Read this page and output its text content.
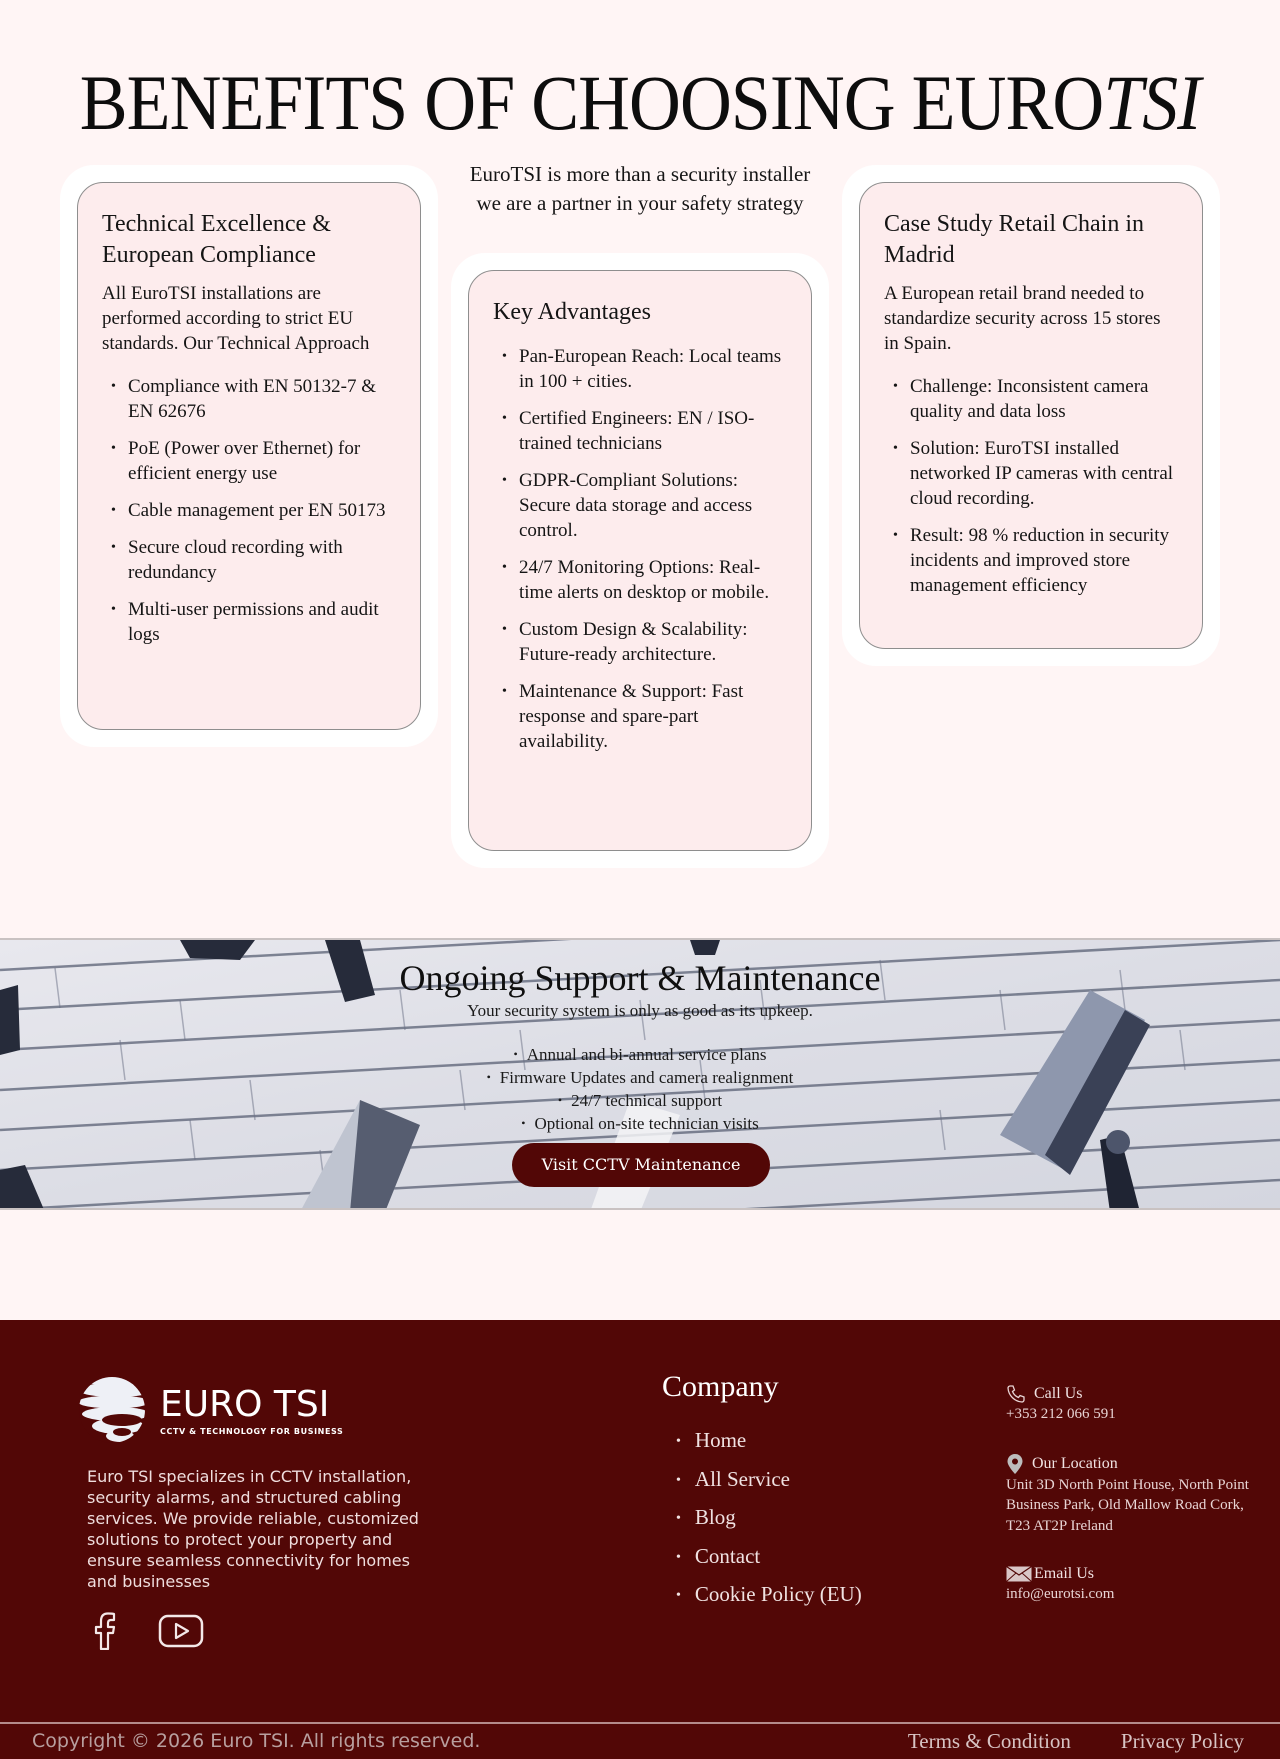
BENEFITS OF CHOOSING EUROTSI
Technical Excellence & European Compliance

All EuroTSI installations are performed according to strict EU standards. Our Technical Approach

• Compliance with EN 50132-7 & EN 62676
• PoE (Power over Ethernet) for efficient energy use
• Cable management per EN 50173
• Secure cloud recording with redundancy
• Multi-user permissions and audit logs
EuroTSI is more than a security installer we are a partner in your safety strategy
Key Advantages
• Pan-European Reach: Local teams in 100 + cities.
• Certified Engineers: EN / ISO-trained technicians
• GDPR-Compliant Solutions: Secure data storage and access control.
• 24/7 Monitoring Options: Real-time alerts on desktop or mobile.
• Custom Design & Scalability: Future-ready architecture.
• Maintenance & Support: Fast response and spare-part availability.
Case Study Retail Chain in Madrid

A European retail brand needed to standardize security across 15 stores in Spain.

• Challenge: Inconsistent camera quality and data loss
• Solution: EuroTSI installed networked IP cameras with central cloud recording.
• Result: 98 % reduction in security incidents and improved store management efficiency
Ongoing Support & Maintenance
Your security system is only as good as its upkeep.
• Annual and bi-annual service plans
• Firmware Updates and camera realignment
• 24/7 technical support
• Optional on-site technician visits
Visit CCTV Maintenance
EURO TSI
CCTV & TECHNOLOGY FOR BUSINESS
Euro TSI specializes in CCTV installation, security alarms, and structured cabling services. We provide reliable, customized solutions to protect your property and ensure seamless connectivity for homes and businesses
Company
• Home
• All Service
• Blog
• Contact
• Cookie Policy (EU)
Call Us
+353 212 066 591
Our Location
Unit 3D North Point House, North Point Business Park, Old Mallow Road Cork, T23 AT2P Ireland
Email Us
info@eurotsi.com
Copyright © 2026 Euro TSI. All rights reserved.	Terms & Condition Privacy Policy
